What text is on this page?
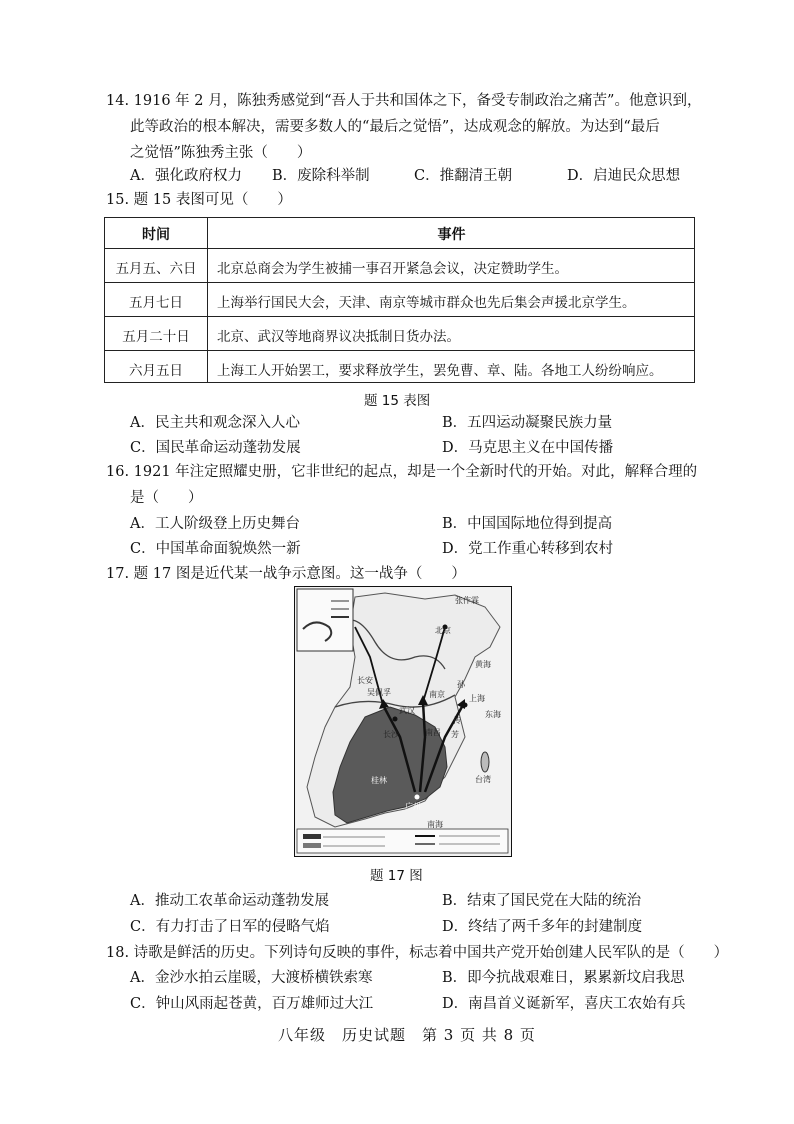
14. 1916 年 2 月，陈独秀感觉到“吾人于共和国体之下，备受专制政治之痛苦”。他意识到，
此等政治的根本解决，需要多数人的“最后之觉悟”，达成观念的解放。为达到“最后
之觉悟”陈独秀主张（　　）
A．强化政府权力 B．废除科举制	C．推翻清王朝	D．启迪民众思想
15. 题 15 表图可见（　　）
时间	事件
五月五、六日	北京总商会为学生被捕一事召开紧急会议，决定赞助学生。
五月七日	上海举行国民大会，天津、南京等城市群众也先后集会声援北京学生。
五月二十日	北京、武汉等地商界议决抵制日货办法。
六月五日	上海工人开始罢工，要求释放学生，罢免曹、章、陆。各地工人纷纷响应。
题 15 表图
A．民主共和观念深入人心	B．五四运动凝聚民族力量
C．国民革命运动蓬勃发展	D．马克思主义在中国传播
16. 1921 年注定照耀史册，它非世纪的起点，却是一个全新时代的开始。对此，解释合理的
是（　　）
A．工人阶级登上历史舞台	B．中国国际地位得到提高
C．中国革命面貌焕然一新	D．党工作重心转移到农村
17. 题 17 图是近代某一战争示意图。这一战争（　　）
张作霖
北京
黄海
吴佩孚
孙
传
芳
东海
长安
南京	上海
武汉
长沙	南昌
桂林
广州
台湾
南海
题 17 图
A．推动工农革命运动蓬勃发展	B．结束了国民党在大陆的统治
C．有力打击了日军的侵略气焰	D．终结了两千多年的封建制度
18. 诗歌是鲜活的历史。下列诗句反映的事件，标志着中国共产党开始创建人民军队的是（　　）
A．金沙水拍云崖暖，大渡桥横铁索寒	B．即今抗战艰难日，累累新坟启我思
C．钟山风雨起苍黄，百万雄师过大江	D．南昌首义诞新军，喜庆工农始有兵
八年级　历史试题　第 3 页 共 8 页
